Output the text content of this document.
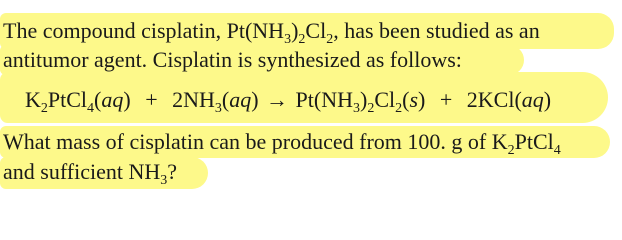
The compound cisplatin, $Pt(NH_3)_2Cl_2$, has been studied as an
antitumor agent. Cisplatin is synthesized as follows:
$K_2PtCl_4(aq) + 2NH_3(aq) \to Pt(NH_3)_2Cl_2(s) + 2KCl(aq)$
What mass of cisplatin can be produced from 100. g of $K_2PtCl_4$
and sufficient $NH_3$?
